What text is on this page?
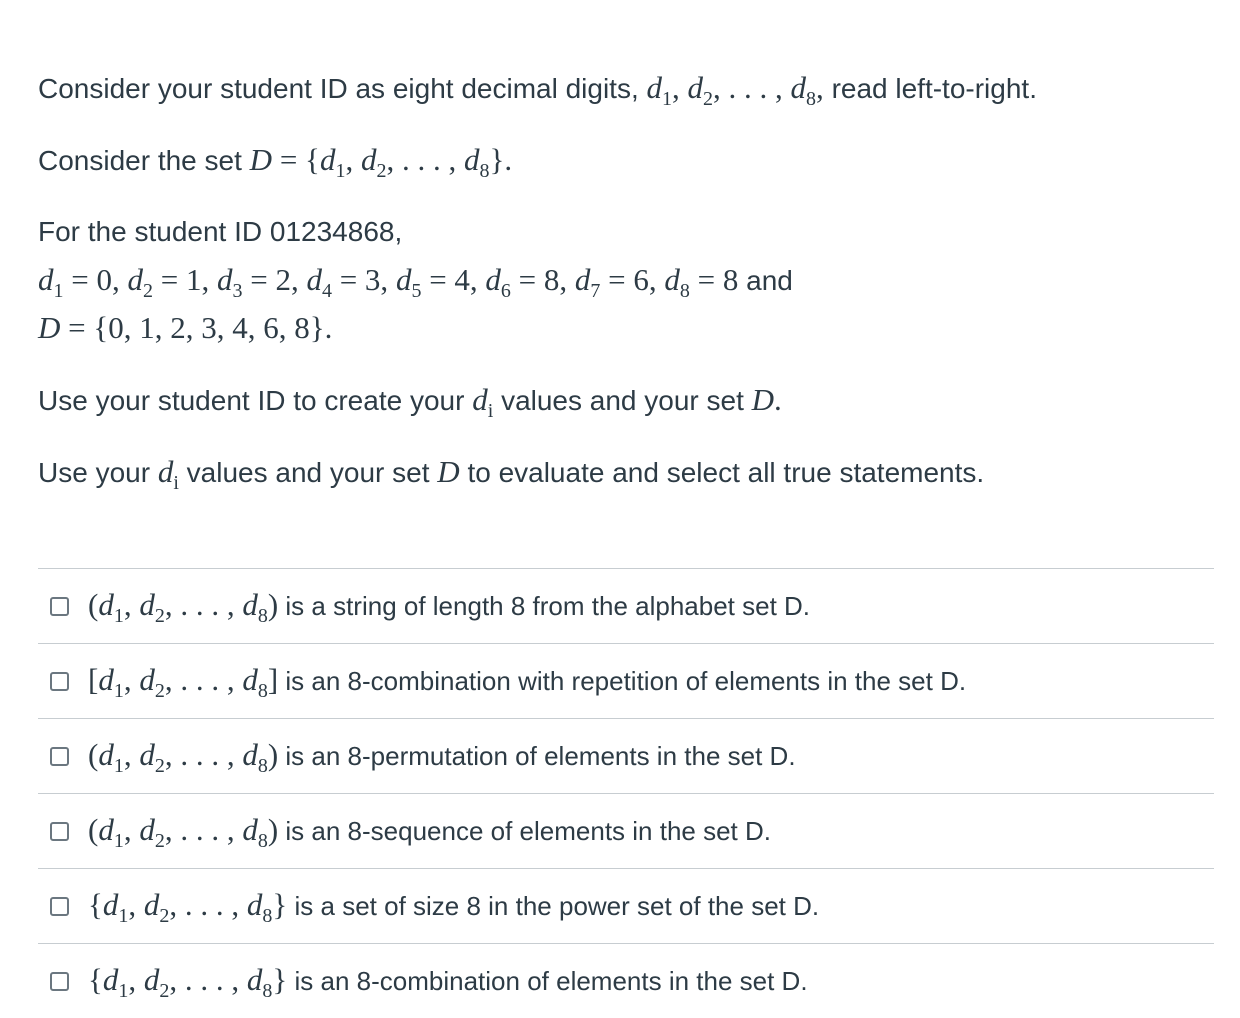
Consider your student ID as eight decimal digits, $d_1$, $d_2$, . . . , $d_8$, read left-to-right.
Consider the set $D = \{d_1$, $d_2$, . . . , $d_8$}.
For the student ID 01234868,
$d_1 = 0$, $d_2 = 1$, $d_3 = 2$, $d_4 = 3$, $d_5 = 4$, $d_6 = 8$, $d_7 = 6$, $d_8 = 8$ and
D = {0, 1, 2, 3, 4, 6, 8}.
Use your student ID to create your $d_i$ values and your set D.
Use your $d_i$ values and your set D to evaluate and select all true statements.
($d_1$, $d_2$, . . . , $d_8$) is a string of length 8 from the alphabet set D.
[$d_1$, $d_2$, . . . , $d_8$] is an 8-combination with repetition of elements in the set D.
($d_1$, $d_2$, . . . , $d_8$) is an 8-permutation of elements in the set D.
($d_1$, $d_2$, . . . , $d_8$) is an 8-sequence of elements in the set D.
{$d_1$, $d_2$, . . . , $d_8$} is a set of size 8 in the power set of the set D.
{$d_1$, $d_2$, . . . , $d_8$} is an 8-combination of elements in the set D.
